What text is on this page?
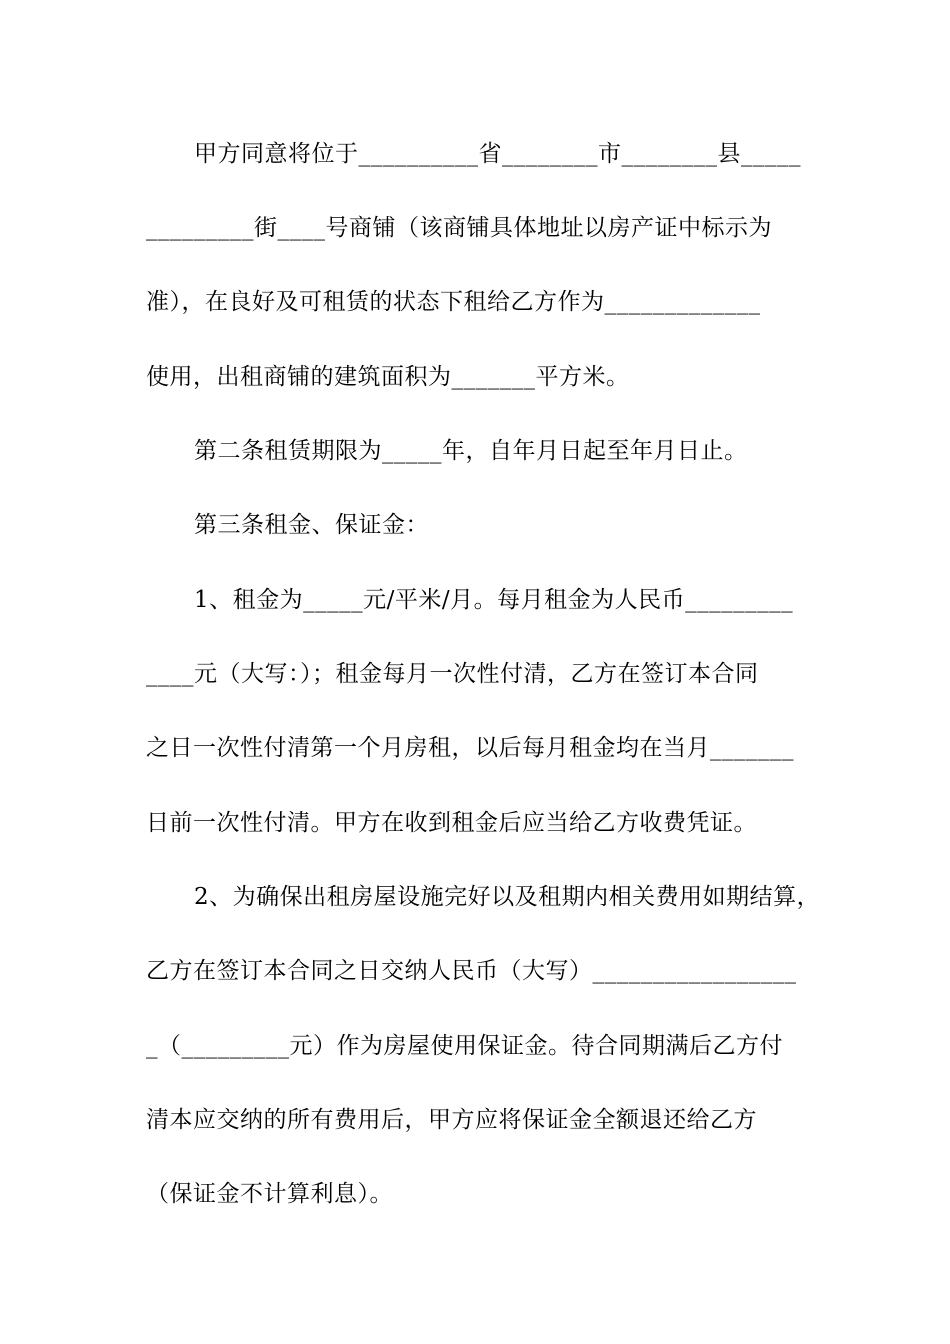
甲方同意将位于__________省________市________县_____
_________街____号商铺（该商铺具体地址以房产证中标示为
准），在良好及可租赁的状态下租给乙方作为_____________
使用，出租商铺的建筑面积为_______平方米。
第二条租赁期限为_____年，自年月日起至年月日止。
第三条租金、保证金：
1、租金为_____元/平米/月。每月租金为人民币_________
____元（大写：）；租金每月一次性付清，乙方在签订本合同
之日一次性付清第一个月房租，以后每月租金均在当月_______
日前一次性付清。甲方在收到租金后应当给乙方收费凭证。
2、为确保出租房屋设施完好以及租期内相关费用如期结算，
乙方在签订本合同之日交纳人民币（大写）_________________
_（_________元）作为房屋使用保证金。待合同期满后乙方付
清本应交纳的所有费用后，甲方应将保证金全额退还给乙方
（保证金不计算利息）。
